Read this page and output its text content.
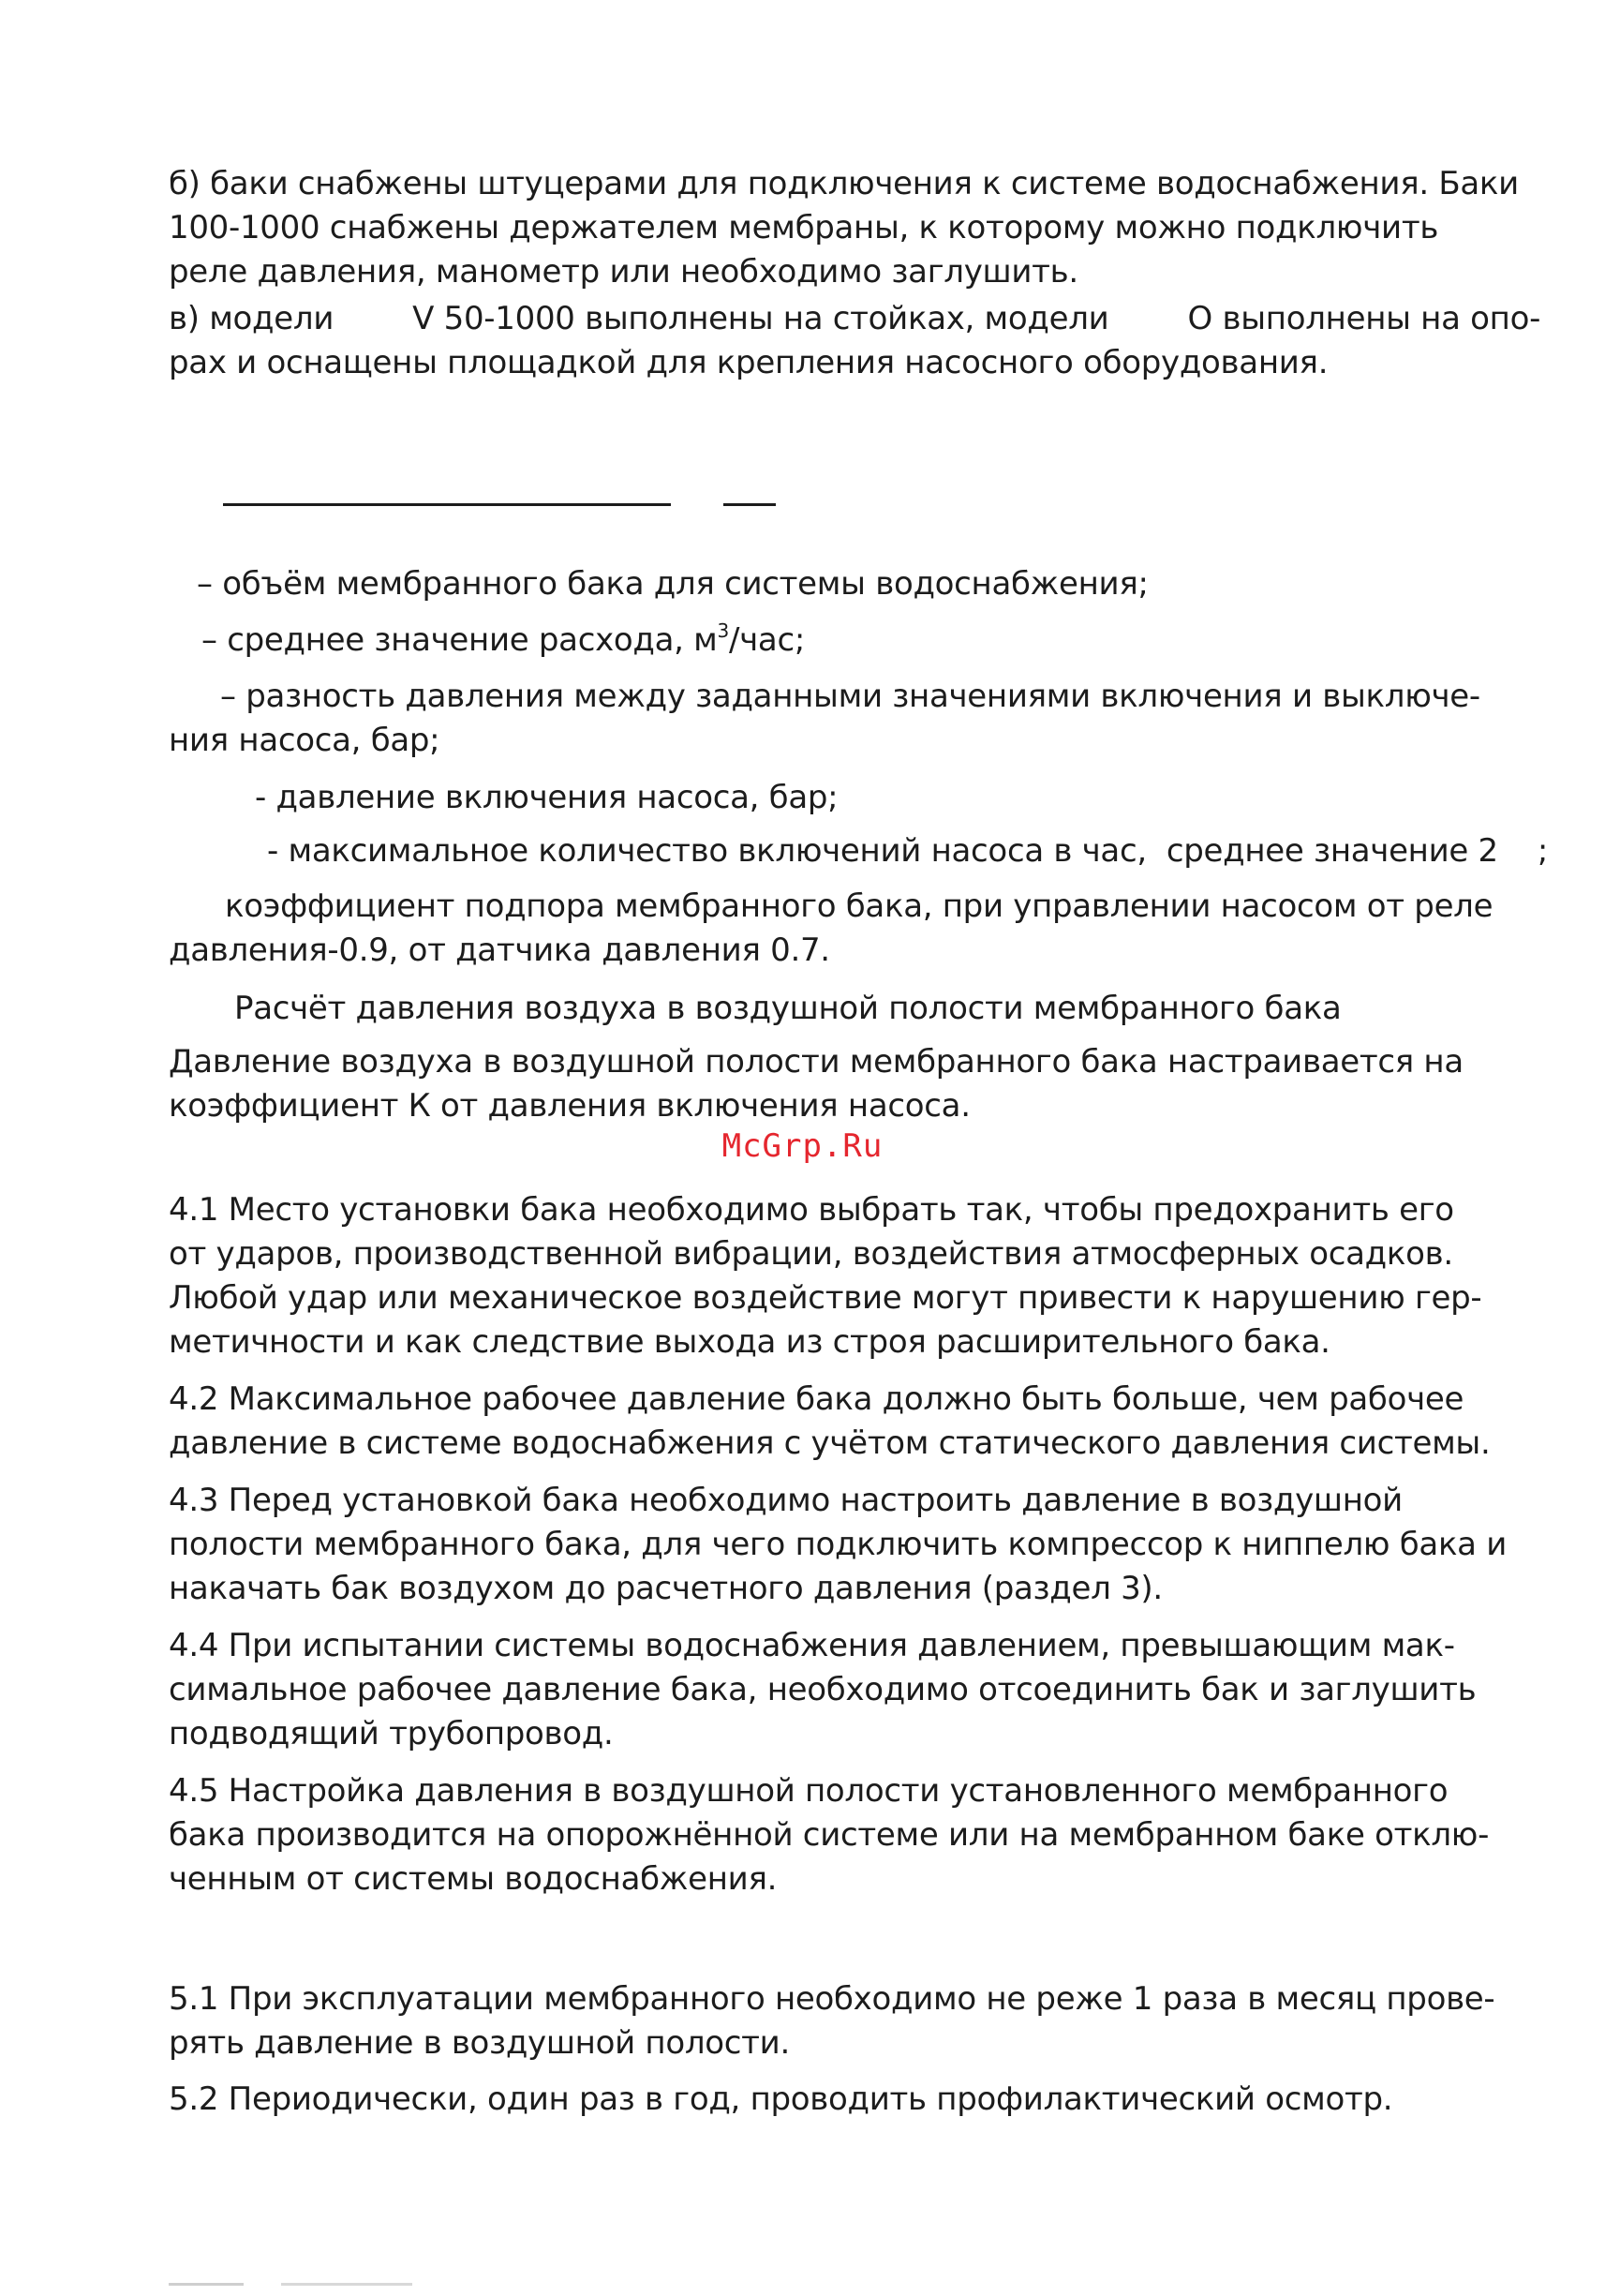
б) баки снабжены штуцерами для подключения к системе водоснабжения. Баки

100-1000 снабжены держателем мембраны, к которому можно подключить

реле давления, манометр или необходимо заглушить.

в) модели        V 50-1000 выполнены на стойках, модели        O выполнены на опо-

рах и оснащены площадкой для крепления насосного оборудования.

– объём мембранного бака для системы водоснабжения;

– среднее значение расхода, $м^3$/час;

– разность давления между заданными значениями включения и выключе-

ния насоса, бар;

- давление включения насоса, бар;

- максимальное количество включений насоса в час,  среднее значение 2    ;

коэффициент подпора мембранного бака, при управлении насосом от реле

давления-0.9, от датчика давления 0.7.

Расчёт давления воздуха в воздушной полости мембранного бака

Давление воздуха в воздушной полости мембранного бака настраивается на

коэффициент К от давления включения насоса.

McGrp.Ru

4.1 Место установки бака необходимо выбрать так, чтобы предохранить его

от ударов, производственной вибрации, воздействия атмосферных осадков.

Любой удар или механическое воздействие могут привести к нарушению гер-

метичности и как следствие выхода из строя расширительного бака.

4.2 Максимальное рабочее давление бака должно быть больше, чем рабочее

давление в системе водоснабжения с учётом статического давления системы.

4.3 Перед установкой бака необходимо настроить давление в воздушной

полости мембранного бака, для чего подключить компрессор к ниппелю бака и

накачать бак воздухом до расчетного давления (раздел 3).

4.4 При испытании системы водоснабжения давлением, превышающим мак-

симальное рабочее давление бака, необходимо отсоединить бак и заглушить

подводящий трубопровод.

4.5 Настройка давления в воздушной полости установленного мембранного

бака производится на опорожнённой системе или на мембранном баке отклю-

ченным от системы водоснабжения.

5.1 При эксплуатации мембранного необходимо не реже 1 раза в месяц прове-

рять давление в воздушной полости.

5.2 Периодически, один раз в год, проводить профилактический осмотр.
